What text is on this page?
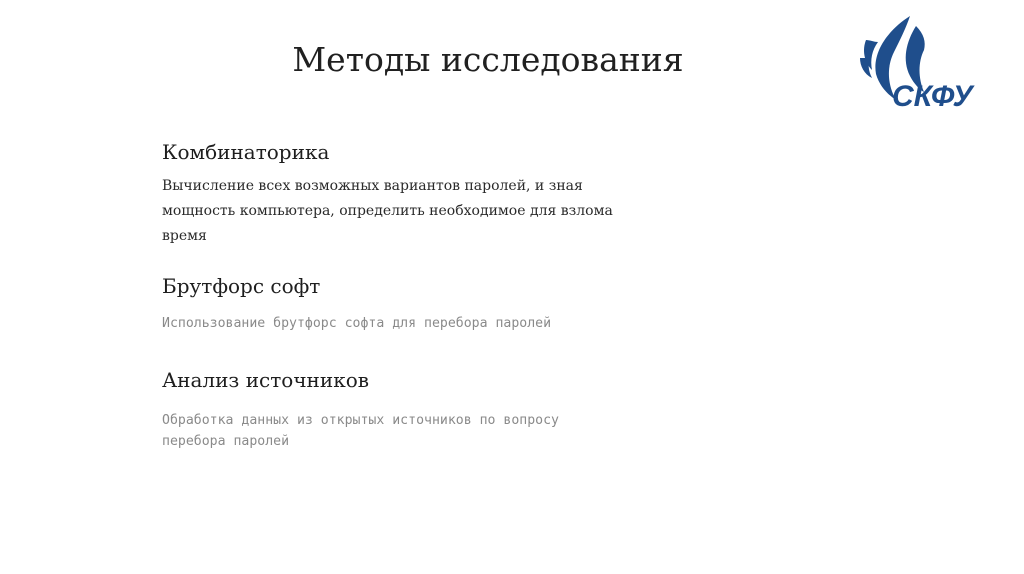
Методы исследования
СКФУ
Комбинаторика

Вычисление всех возможных вариантов паролей, и зная мощность компьютера, определить необходимое для взлома время

Брутфорс софт

Использование брутфорс софта для перебора паролей

Анализ источников

Обработка данных из открытых источников по вопросу перебора паролей
